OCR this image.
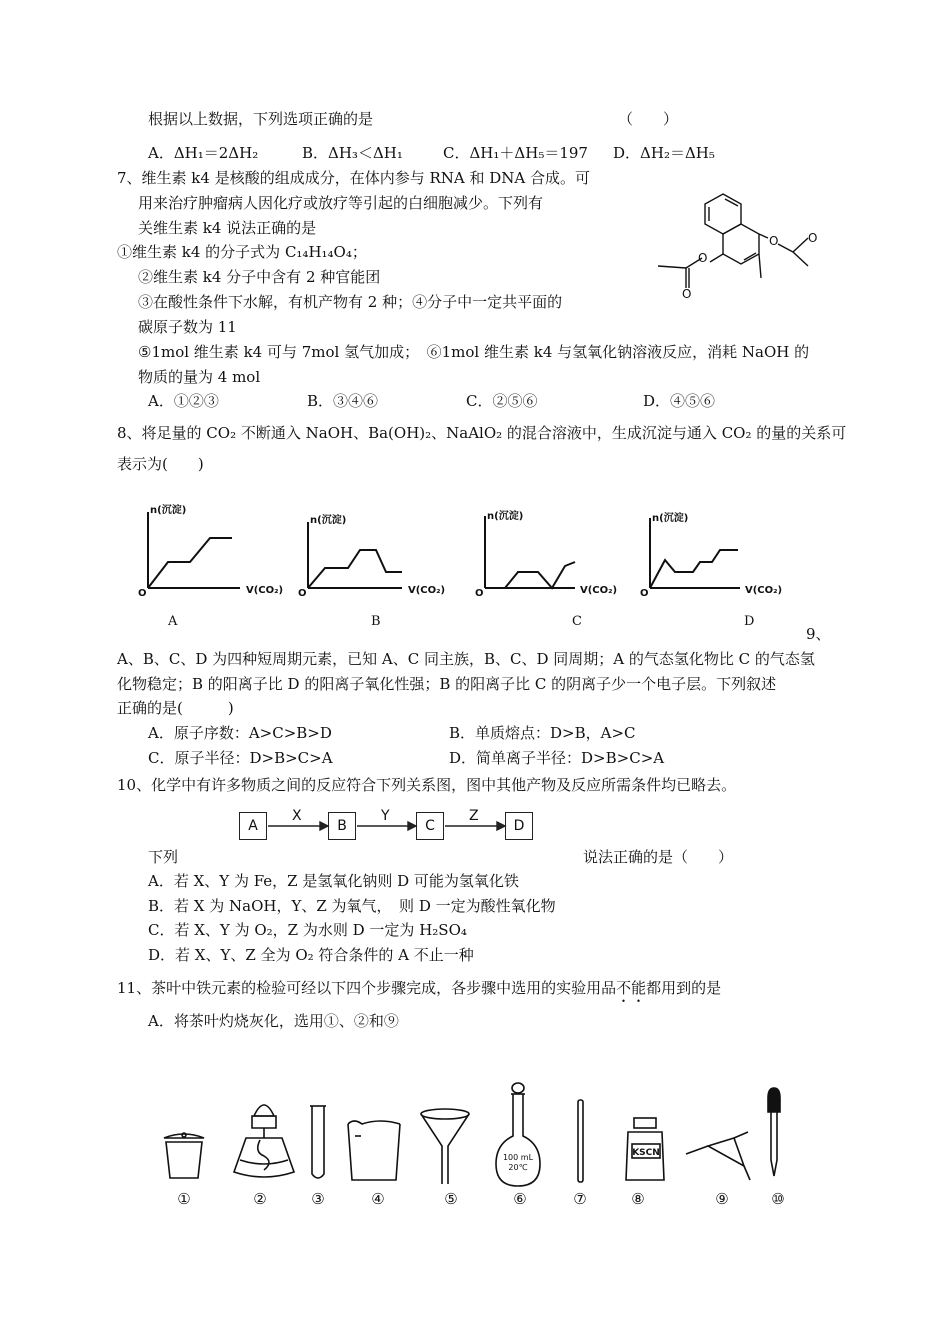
根据以上数据，下列选项正确的是	（　　）
A．ΔH₁＝2ΔH₂	B．ΔH₃＜ΔH₁	C．ΔH₁＋ΔH₅＝197 D．ΔH₂＝ΔH₅
7、维生素 k4 是核酸的组成成分，在体内参与 RNA 和 DNA 合成。可
用来治疗肿瘤病人因化疗或放疗等引起的白细胞减少。下列有
关维生素 k4 说法正确的是
①维生素 k4 的分子式为 C₁₄H₁₄O₄；
②维生素 k4 分子中含有 2 种官能团
③在酸性条件下水解，有机产物有 2 种；④分子中一定共平面的
碳原子数为 11
⑤1mol 维生素 k4 可与 7mol 氢气加成；　⑥1mol 维生素 k4 与氢氧化钠溶液反应，消耗 NaOH 的
物质的量为 4 mol
A．①②③	B．③④⑥	C．②⑤⑥	D．④⑤⑥
O
O O
O
8、将足量的 CO₂ 不断通入 NaOH、Ba(OH)₂、NaAlO₂ 的混合溶液中，生成沉淀与通入 CO₂ 的量的关系可
表示为(　　)
n(沉淀)
V(CO₂)
O
n(沉淀)
V(CO₂)
O
n(沉淀)
V(CO₂)
O
n(沉淀)
V(CO₂)
O
A	B	C	D
9、
A、B、C、D 为四种短周期元素，已知 A、C 同主族，B、C、D 同周期；A 的气态氢化物比 C 的气态氢
化物稳定；B 的阳离子比 D 的阳离子氧化性强；B 的阳离子比 C 的阴离子少一个电子层。下列叙述
正确的是(　　　)
A．原子序数：A>C>B>D	B．单质熔点：D>B，A>C
C．原子半径：D>B>C>A	D．简单离子半径：D>B>C>A
10、化学中有许多物质之间的反应符合下列关系图，图中其他产物及反应所需条件均已略去。
A	B	C	D
X	Y	Z
下列	说法正确的是（　　）
A．若 X、Y 为 Fe，Z 是氢氧化钠则 D 可能为氢氧化铁
B．若 X 为 NaOH，Y、Z 为氧气，　则 D 一定为酸性氧化物
C．若 X、Y 为 O₂，Z 为水则 D 一定为 H₂SO₄
D．若 X、Y、Z 全为 O₂ 符合条件的 A 不止一种
11、茶叶中铁元素的检验可经以下四个步骤完成，各步骤中选用的实验用品不能都用到的是
A．将茶叶灼烧灰化，选用①、②和⑨
100 mL
20℃
KSCN
①	②	③	④	⑤	⑥	⑦	⑧	⑨	⑩
